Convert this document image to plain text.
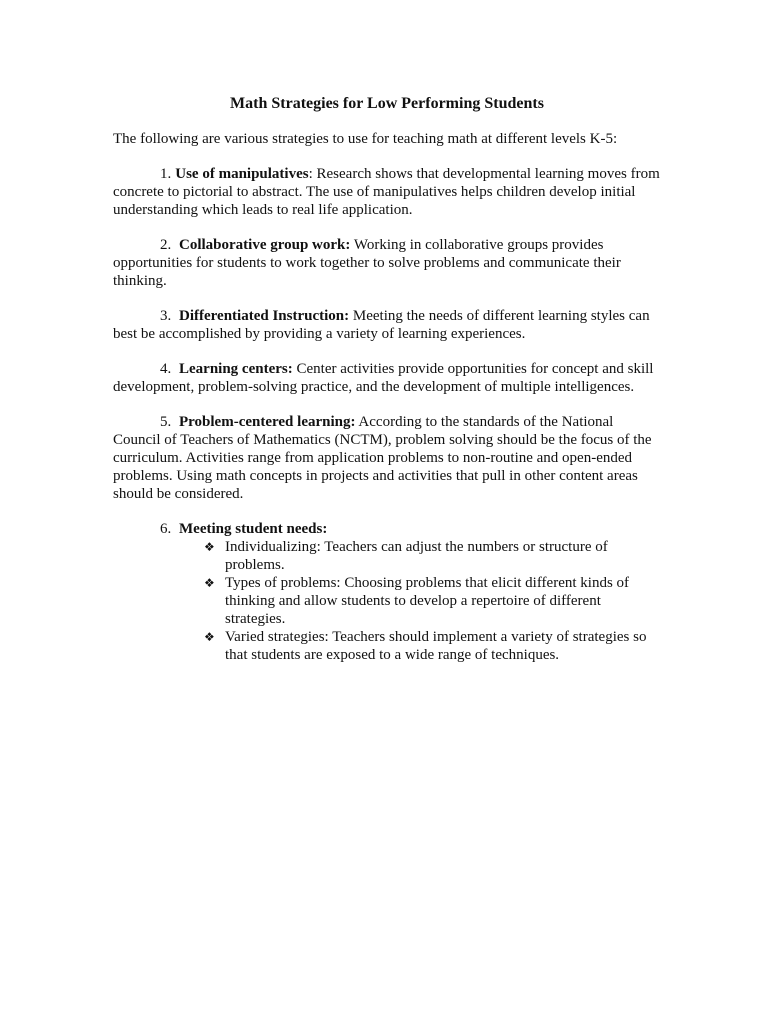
Math Strategies for Low Performing Students
The following are various strategies to use for teaching math at different levels K-5:
1. Use of manipulatives: Research shows that developmental learning moves from concrete to pictorial to abstract. The use of manipulatives helps children develop initial understanding which leads to real life application.
2. Collaborative group work: Working in collaborative groups provides opportunities for students to work together to solve problems and communicate their thinking.
3. Differentiated Instruction: Meeting the needs of different learning styles can best be accomplished by providing a variety of learning experiences.
4. Learning centers: Center activities provide opportunities for concept and skill development, problem-solving practice, and the development of multiple intelligences.
5. Problem-centered learning: According to the standards of the National Council of Teachers of Mathematics (NCTM), problem solving should be the focus of the curriculum. Activities range from application problems to non-routine and open-ended problems. Using math concepts in projects and activities that pull in other content areas should be considered.
6. Meeting student needs:
❖ Individualizing: Teachers can adjust the numbers or structure of problems.
❖ Types of problems: Choosing problems that elicit different kinds of thinking and allow students to develop a repertoire of different strategies.
❖ Varied strategies: Teachers should implement a variety of strategies so that students are exposed to a wide range of techniques.
